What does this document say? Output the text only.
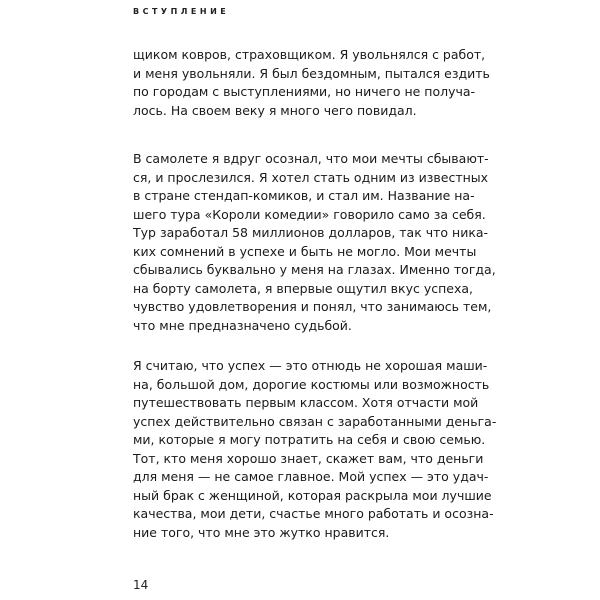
ВСТУПЛЕНИЕ
щиком ковров, страховщиком. Я увольнялся с работ,
и меня увольняли. Я был бездомным, пытался ездить
по городам с выступлениями, но ничего не получа-
лось. На своем веку я много чего повидал.
В самолете я вдруг осознал, что мои мечты сбывают-
ся, и прослезился. Я хотел стать одним из известных
в стране стендап-комиков, и стал им. Название на-
шего тура «Короли комедии» говорило само за себя.
Тур заработал 58 миллионов долларов, так что ника-
ких сомнений в успехе и быть не могло. Мои мечты
сбывались буквально у меня на глазах. Именно тогда,
на борту самолета, я впервые ощутил вкус успеха,
чувство удовлетворения и понял, что занимаюсь тем,
что мне предназначено судьбой.
Я считаю, что успех — это отнюдь не хорошая маши-
на, большой дом, дорогие костюмы или возможность
путешествовать первым классом. Хотя отчасти мой
успех действительно связан с заработанными деньга-
ми, которые я могу потратить на себя и свою семью.
Тот, кто меня хорошо знает, скажет вам, что деньги
для меня — не самое главное. Мой успех — это удач-
ный брак с женщиной, которая раскрыла мои лучшие
качества, мои дети, счастье много работать и осозна-
ние того, что мне это жутко нравится.
14
